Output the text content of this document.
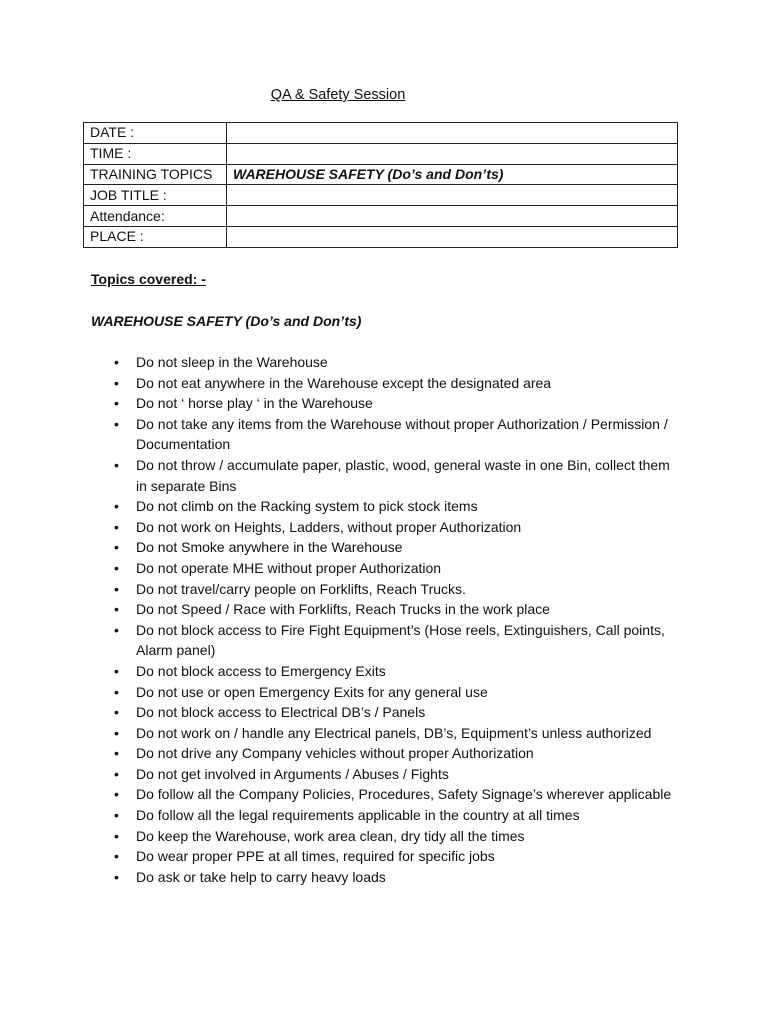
QA & Safety Session
DATE :	
TIME :	
TRAINING TOPICS	WAREHOUSE SAFETY (Do’s and Don’ts)
JOB TITLE :	
Attendance:	
PLACE :	
Topics covered: -
WAREHOUSE SAFETY (Do’s and Don’ts)
• Do not sleep in the Warehouse
• Do not eat anywhere in the Warehouse except the designated area
• Do not ‘ horse play ‘ in the Warehouse
• Do not take any items from the Warehouse without proper Authorization / Permission / Documentation
• Do not throw / accumulate paper, plastic, wood, general waste in one Bin, collect them in separate Bins
• Do not climb on the Racking system to pick stock items
• Do not work on Heights, Ladders, without proper Authorization
• Do not Smoke anywhere in the Warehouse
• Do not operate MHE without proper Authorization
• Do not travel/carry people on Forklifts, Reach Trucks.
• Do not Speed / Race with Forklifts, Reach Trucks in the work place
• Do not block access to Fire Fight Equipment’s (Hose reels, Extinguishers, Call points, Alarm panel)
• Do not block access to Emergency Exits
• Do not use or open Emergency Exits for any general use
• Do not block access to Electrical DB’s / Panels
• Do not work on / handle any Electrical panels, DB’s, Equipment’s unless authorized
• Do not drive any Company vehicles without proper Authorization
• Do not get involved in Arguments / Abuses / Fights
• Do follow all the Company Policies, Procedures, Safety Signage’s wherever applicable
• Do follow all the legal requirements applicable in the country at all times
• Do keep the Warehouse, work area clean, dry tidy all the times
• Do wear proper PPE at all times, required for specific jobs
• Do ask or take help to carry heavy loads
